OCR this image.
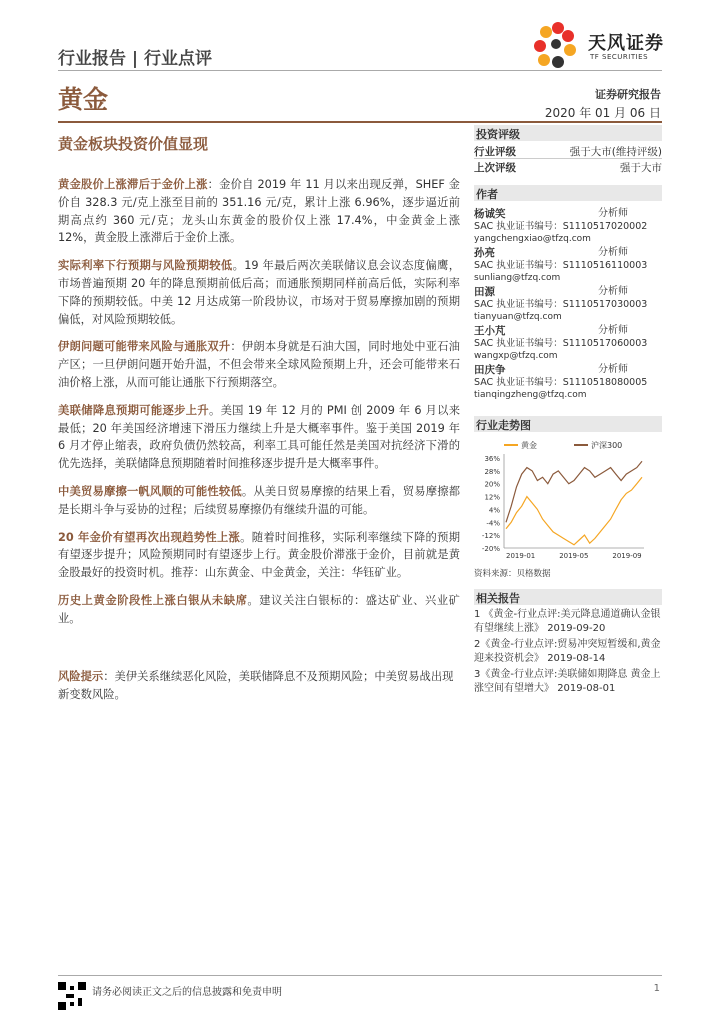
行业报告 | 行业点评
天风证券
TF SECURITIES
黄金	证券研究报告
2020 年 01 月 06 日
黄金板块投资价值显现

黄金股价上涨滞后于金价上涨：金价自 2019 年 11 月以来出现反弹，SHEF 金价自 328.3 元/克上涨至目前的 351.16 元/克，累计上涨 6.96%，逐步逼近前期高点约 360 元/克；龙头山东黄金的股价仅上涨 17.4%，中金黄金上涨 12%，黄金股上涨滞后于金价上涨。

实际利率下行预期与风险预期较低。19 年最后两次美联储议息会议态度偏鹰，市场普遍预期 20 年的降息预期前低后高；而通胀预期同样前高后低，实际利率下降的预期较低。中美 12 月达成第一阶段协议，市场对于贸易摩擦加剧的预期偏低，对风险预期较低。

伊朗问题可能带来风险与通胀双升：伊朗本身就是石油大国，同时地处中亚石油产区；一旦伊朗问题开始升温，不但会带来全球风险预期上升，还会可能带来石油价格上涨，从而可能让通胀下行预期落空。

美联储降息预期可能逐步上升。美国 19 年 12 月的 PMI 创 2009 年 6 月以来最低；20 年美国经济增速下滑压力继续上升是大概率事件。鉴于美国 2019 年 6 月才停止缩表，政府负债仍然较高，利率工具可能任然是美国对抗经济下滑的优先选择，美联储降息预期随着时间推移逐步提升是大概率事件。

中美贸易摩擦一帆风顺的可能性较低。从美日贸易摩擦的结果上看，贸易摩擦都是长期斗争与妥协的过程；后续贸易摩擦仍有继续升温的可能。

20 年金价有望再次出现趋势性上涨。随着时间推移，实际利率继续下降的预期有望逐步提升；风险预期同时有望逐步上行。黄金股价滞涨于金价，目前就是黄金股最好的投资时机。推荐：山东黄金、中金黄金，关注：华钰矿业。

历史上黄金阶段性上涨白银从未缺席。建议关注白银标的：盛达矿业、兴业矿业。

风险提示：美伊关系继续恶化风险，美联储降息不及预期风险；中美贸易战出现新变数风险。
投资评级
行业评级	强于大市(维持评级)
上次评级	强于大市
作者
杨诚笑	分析师
SAC 执业证书编号：S1110517020002
yangchengxiao@tfzq.com
孙亮	分析师
SAC 执业证书编号：S1110516110003
sunliang@tfzq.com
田源	分析师
SAC 执业证书编号：S1110517030003
tianyuan@tfzq.com
王小芃	分析师
SAC 执业证书编号：S1110517060003
wangxp@tfzq.com
田庆争	分析师
SAC 执业证书编号：S1110518080005
tianqingzheng@tfzq.com
行业走势图
黄金	沪深300
36%
28%
20%
12%
4%
-4%
-12%
-20%
2019-01	2019-05	2019-09
资料来源：贝格数据
相关报告
1 《黄金-行业点评:美元降息通道确认金银有望继续上涨》 2019-09-20
2《黄金-行业点评:贸易冲突短暂缓和,黄金迎来投资机会》 2019-08-14
3《黄金-行业点评:美联储如期降息 黄金上涨空间有望增大》 2019-08-01
请务必阅读正文之后的信息披露和免责申明	1
